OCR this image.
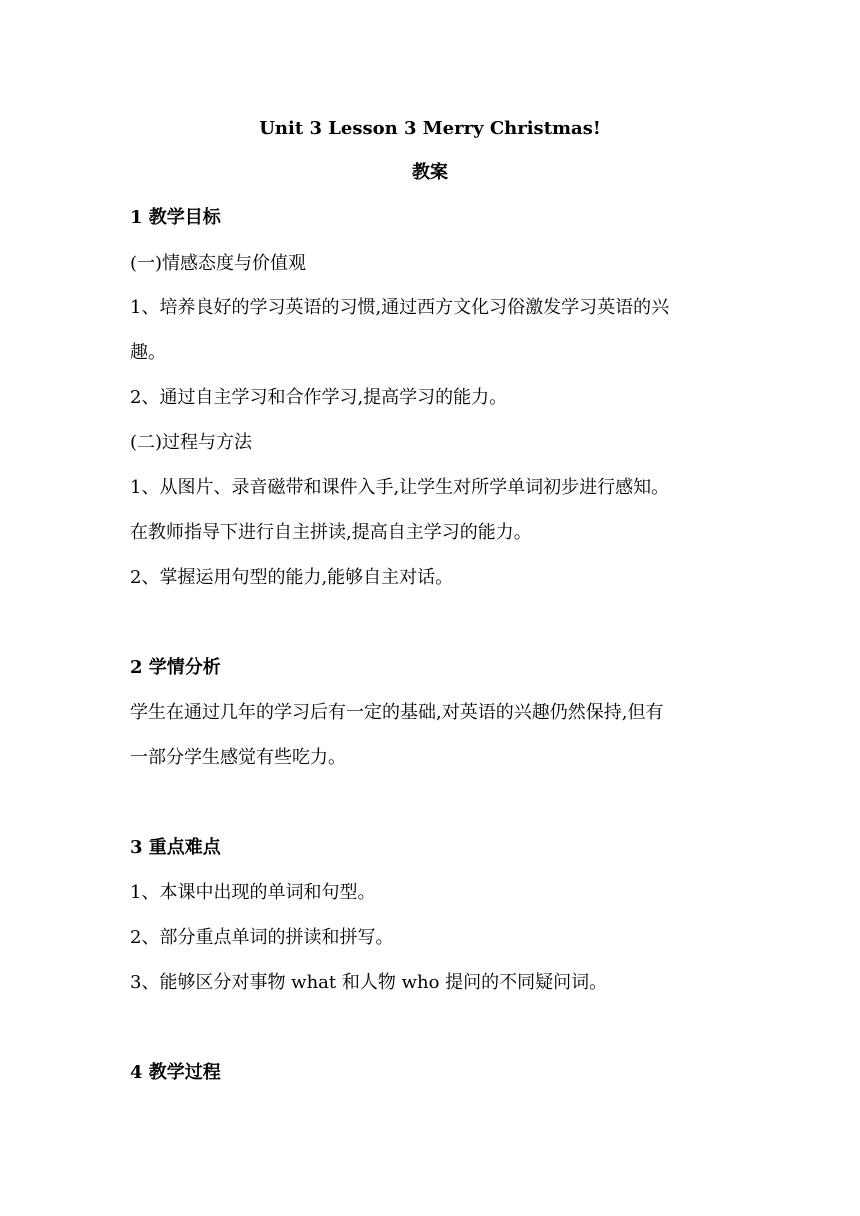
Unit 3 Lesson 3 Merry Christmas!
教案
1 教学目标
(一)情感态度与价值观
1、培养良好的学习英语的习惯,通过西方文化习俗激发学习英语的兴
趣。
2、通过自主学习和合作学习,提高学习的能力。
(二)过程与方法
1、从图片、录音磁带和课件入手,让学生对所学单词初步进行感知。
在教师指导下进行自主拼读,提高自主学习的能力。
2、掌握运用句型的能力,能够自主对话。
2 学情分析
学生在通过几年的学习后有一定的基础,对英语的兴趣仍然保持,但有
一部分学生感觉有些吃力。
3 重点难点
1、本课中出现的单词和句型。
2、部分重点单词的拼读和拼写。
3、能够区分对事物 what 和人物 who 提问的不同疑问词。
4 教学过程
